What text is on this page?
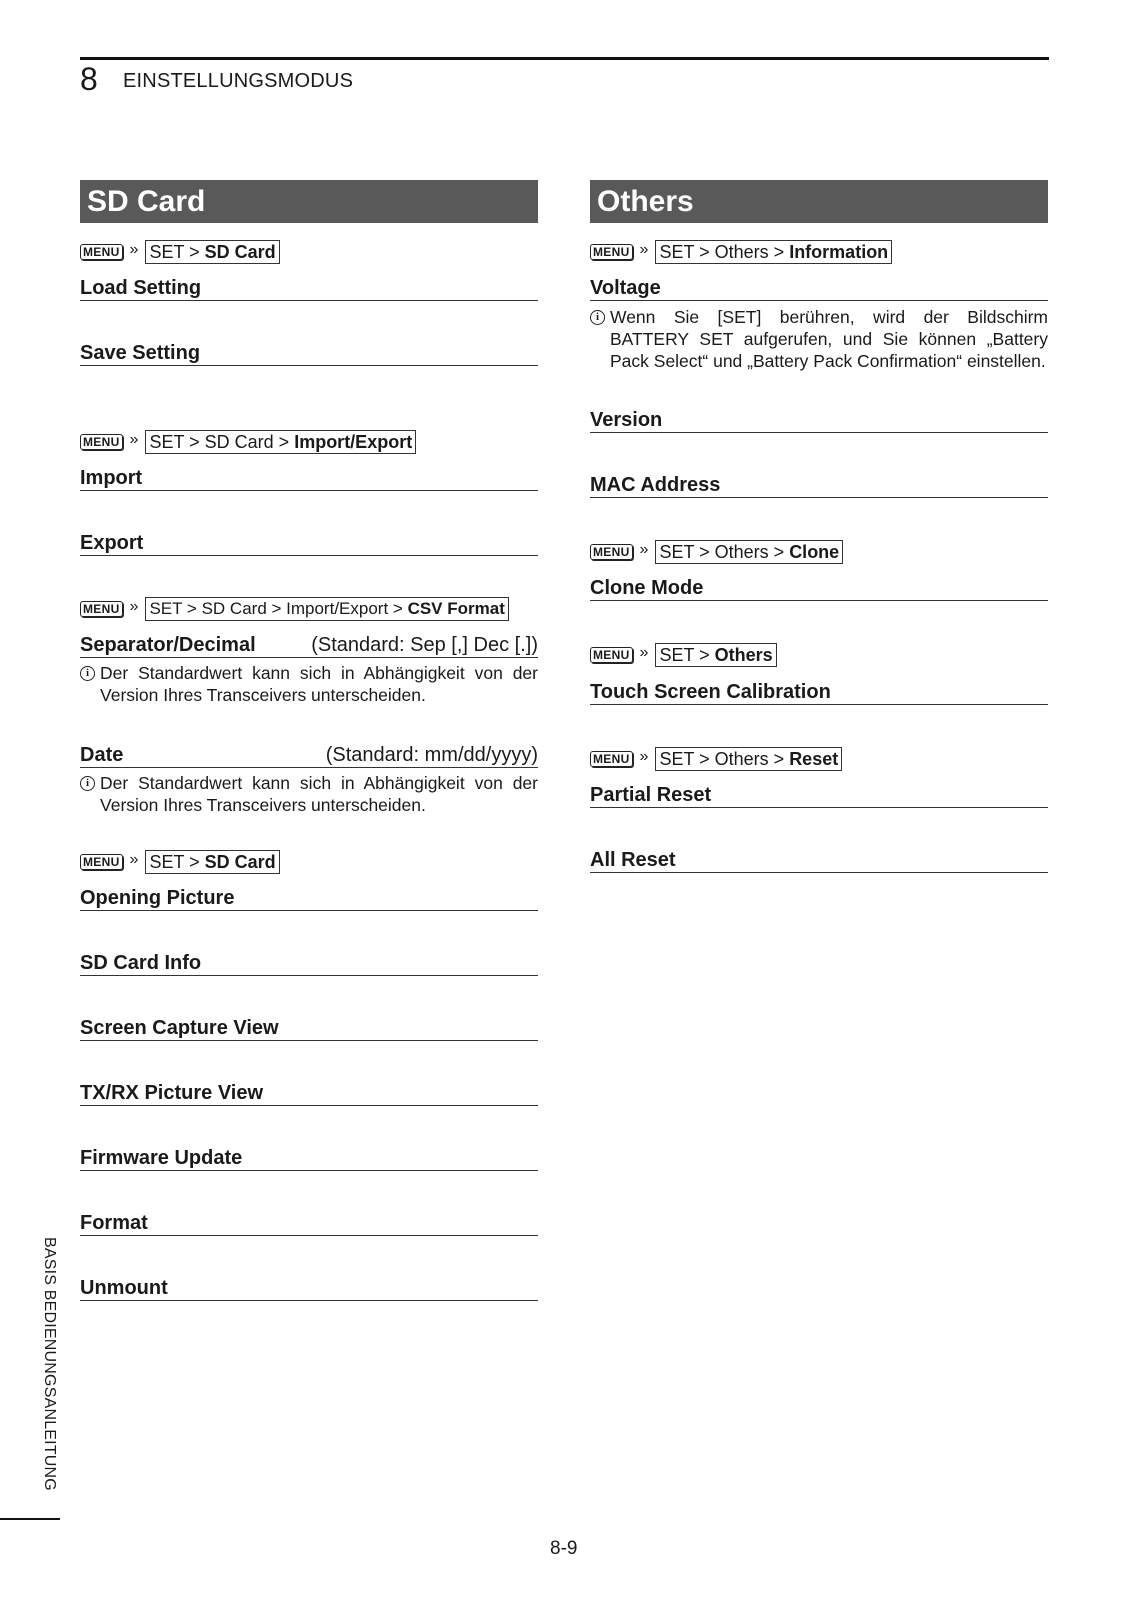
8 EINSTELLUNGSMODUS
SD Card
MENU » SET > SD Card
Load Setting
Save Setting
MENU » SET > SD Card > Import/Export
Import
Export
MENU » SET > SD Card > Import/Export > CSV Format
Separator/Decimal	(Standard: Sep [,] Dec [.])
i Der Standardwert kann sich in Abhängigkeit von der Version Ihres Transceivers unterscheiden.
Date	(Standard: mm/dd/yyyy)
i Der Standardwert kann sich in Abhängigkeit von der Version Ihres Transceivers unterscheiden.
MENU » SET > SD Card
Opening Picture
SD Card Info
Screen Capture View
TX/RX Picture View
Firmware Update
Format
Unmount
Others
MENU » SET > Others > Information
Voltage
i Wenn Sie [SET] berühren, wird der Bildschirm BATTERY SET aufgerufen, und Sie können „Battery Pack Select“ und „Battery Pack Confirmation“ einstellen.
Version
MAC Address
MENU » SET > Others > Clone
Clone Mode
MENU » SET > Others
Touch Screen Calibration
MENU » SET > Others > Reset
Partial Reset
All Reset
BASIS BEDIENUNGSANLEITUNG
8-9
